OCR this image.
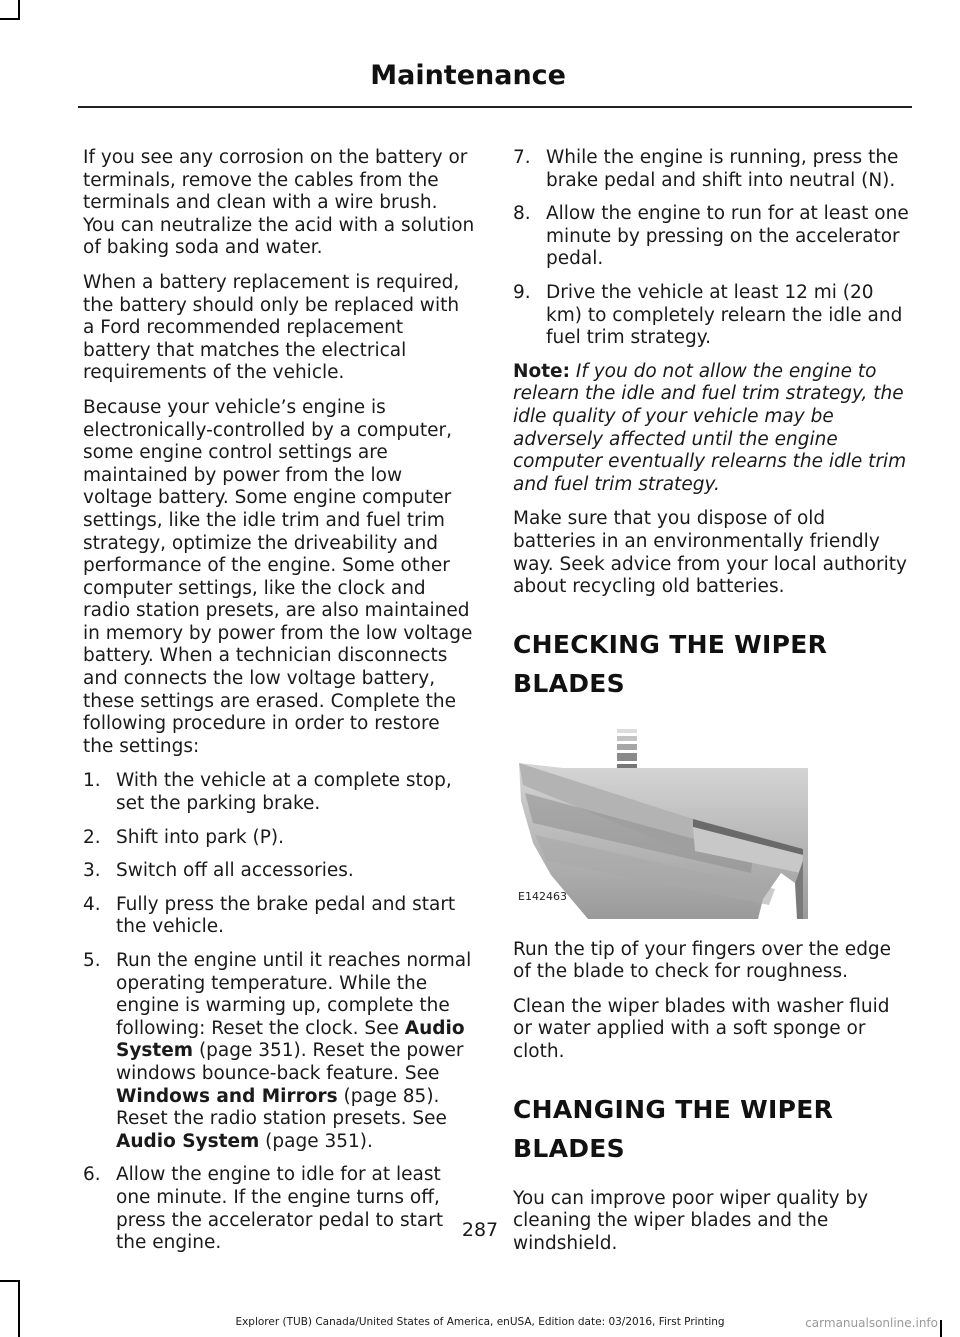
Maintenance

If you see any corrosion on the battery or terminals, remove the cables from the terminals and clean with a wire brush. You can neutralize the acid with a solution of baking soda and water.

When a battery replacement is required, the battery should only be replaced with a Ford recommended replacement battery that matches the electrical requirements of the vehicle.

Because your vehicle’s engine is electronically-controlled by a computer, some engine control settings are maintained by power from the low voltage battery. Some engine computer settings, like the idle trim and fuel trim strategy, optimize the driveability and performance of the engine. Some other computer settings, like the clock and radio station presets, are also maintained in memory by power from the low voltage battery. When a technician disconnects and connects the low voltage battery, these settings are erased. Complete the following procedure in order to restore the settings:

1. With the vehicle at a complete stop, set the parking brake.
2. Shift into park (P).
3. Switch off all accessories.
4. Fully press the brake pedal and start the vehicle.
5. Run the engine until it reaches normal operating temperature. While the engine is warming up, complete the following: Reset the clock. See Audio System (page 351). Reset the power windows bounce-back feature. See Windows and Mirrors (page 85). Reset the radio station presets. See Audio System (page 351).
6. Allow the engine to idle for at least one minute. If the engine turns off, press the accelerator pedal to start the engine.
7. While the engine is running, press the brake pedal and shift into neutral (N).
8. Allow the engine to run for at least one minute by pressing on the accelerator pedal.
9. Drive the vehicle at least 12 mi (20 km) to completely relearn the idle and fuel trim strategy.

Note: If you do not allow the engine to relearn the idle and fuel trim strategy, the idle quality of your vehicle may be adversely affected until the engine computer eventually relearns the idle trim and fuel trim strategy.

Make sure that you dispose of old batteries in an environmentally friendly way. Seek advice from your local authority about recycling old batteries.

CHECKING THE WIPER BLADES
E142463

Run the tip of your fingers over the edge of the blade to check for roughness.

Clean the wiper blades with washer fluid or water applied with a soft sponge or cloth.

CHANGING THE WIPER BLADES

You can improve poor wiper quality by cleaning the wiper blades and the windshield.

287
Explorer (TUB) Canada/United States of America, enUSA, Edition date: 03/2016, First Printing	carmanualsonline.info
